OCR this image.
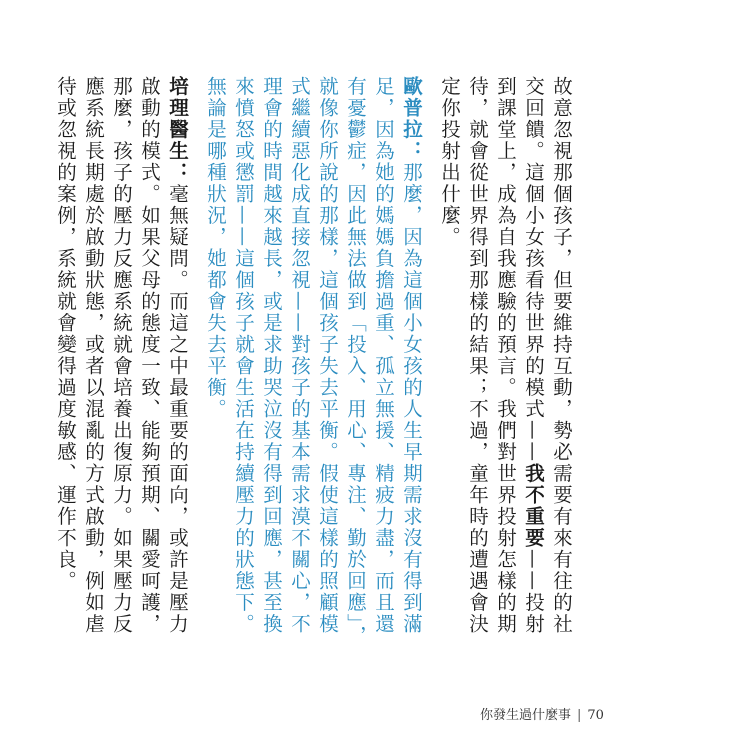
故意忽視那個孩子，但要維持互動，勢必需要有來有往的社交回饋。這個小女孩看待世界的模式——我不重要——投射到課堂上，成為自我應驗的預言。我們對世界投射怎樣的期待，就會從世界得到那樣的結果；不過，童年時的遭遇會決定你投射出什麼。

歐普拉：那麼，因為這個小女孩的人生早期需求沒有得到滿足，因為她的媽媽負擔過重、孤立無援、精疲力盡，而且還有憂鬱症，因此無法做到「投入、用心、專注、勤於回應」，就像你所說的那樣，這個孩子失去平衡。假使這樣的照顧模式繼續惡化成直接忽視——對孩子的基本需求漠不關心，不理會的時間越來越長，或是求助哭泣沒有得到回應，甚至換來憤怒或懲罰——這個孩子就會生活在持續壓力的狀態下。無論是哪種狀況，她都會失去平衡。

培理醫生：毫無疑問。而這之中最重要的面向，或許是壓力啟動的模式。如果父母的態度一致、能夠預期、關愛呵護，那麼，孩子的壓力反應系統就會培養出復原力。如果壓力反應系統長期處於啟動狀態，或者以混亂的方式啟動，例如虐待或忽視的案例，系統就會變得過度敏感、運作不良。

你發生過什麼事 | 70
